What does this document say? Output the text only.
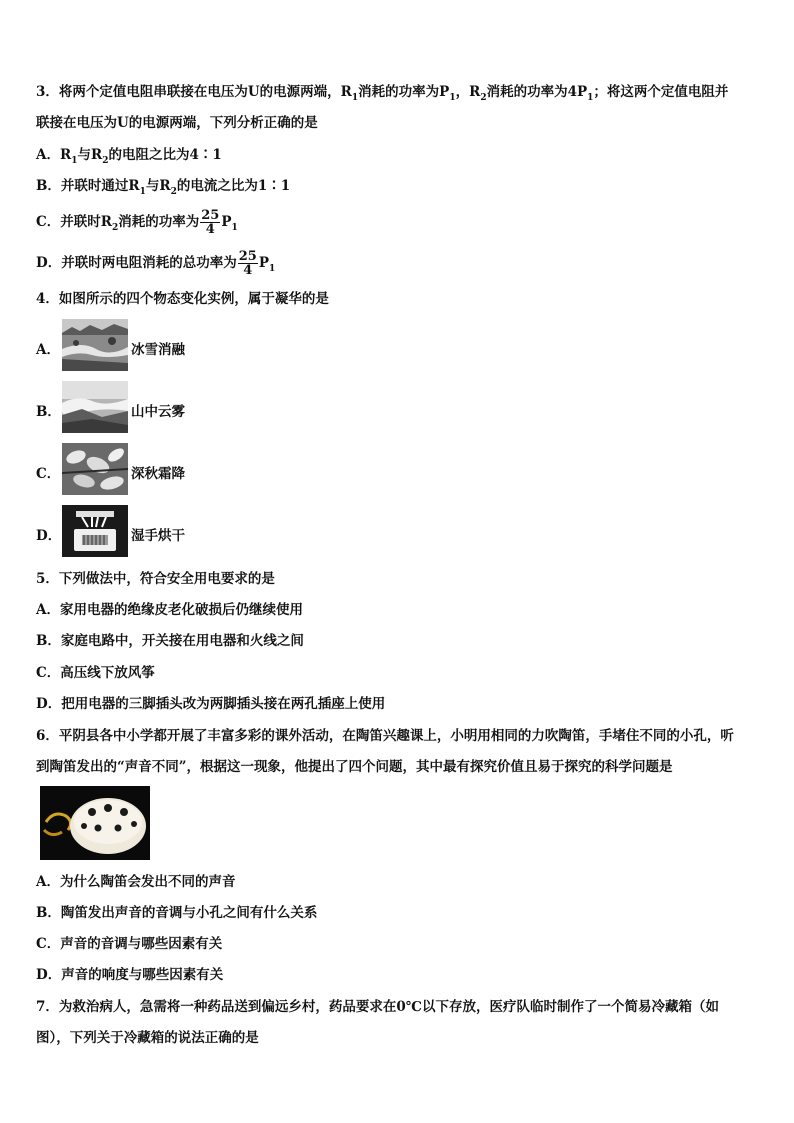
3．将两个定值电阻串联接在电压为U的电源两端，$R_1$消耗的功率为$P_1$，$R_2$消耗的功率为$4P_1$；将这两个定值电阻并
联接在电压为U的电源两端，下列分析正确的是
A．$R_1$与$R_2$的电阻之比为4∶1
B．并联时通过$R_1$与$R_2$的电流之比为1∶1
C．并联时$R_2$消耗的功率为 $\frac{25}{4} P_1$
D．并联时两电阻消耗的总功率为 $\frac{25}{4} P_1$
4．如图所示的四个物态变化实例，属于凝华的是
A．	冰雪消融
B．	山中云雾
C．	深秋霜降
D．	湿手烘干
5．下列做法中，符合安全用电要求的是
A．家用电器的绝缘皮老化破损后仍继续使用
B．家庭电路中，开关接在用电器和火线之间
C．高压线下放风筝
D．把用电器的三脚插头改为两脚插头接在两孔插座上使用
6．平阴县各中小学都开展了丰富多彩的课外活动，在陶笛兴趣课上，小明用相同的力吹陶笛，手堵住不同的小孔，听
到陶笛发出的“声音不同”，根据这一现象，他提出了四个问题，其中最有探究价值且易于探究的科学问题是
A．为什么陶笛会发出不同的声音
B．陶笛发出声音的音调与小孔之间有什么关系
C．声音的音调与哪些因素有关
D．声音的响度与哪些因素有关
7．为救治病人，急需将一种药品送到偏远乡村，药品要求在0℃以下存放，医疗队临时制作了一个简易冷藏箱（如
图），下列关于冷藏箱的说法正确的是
